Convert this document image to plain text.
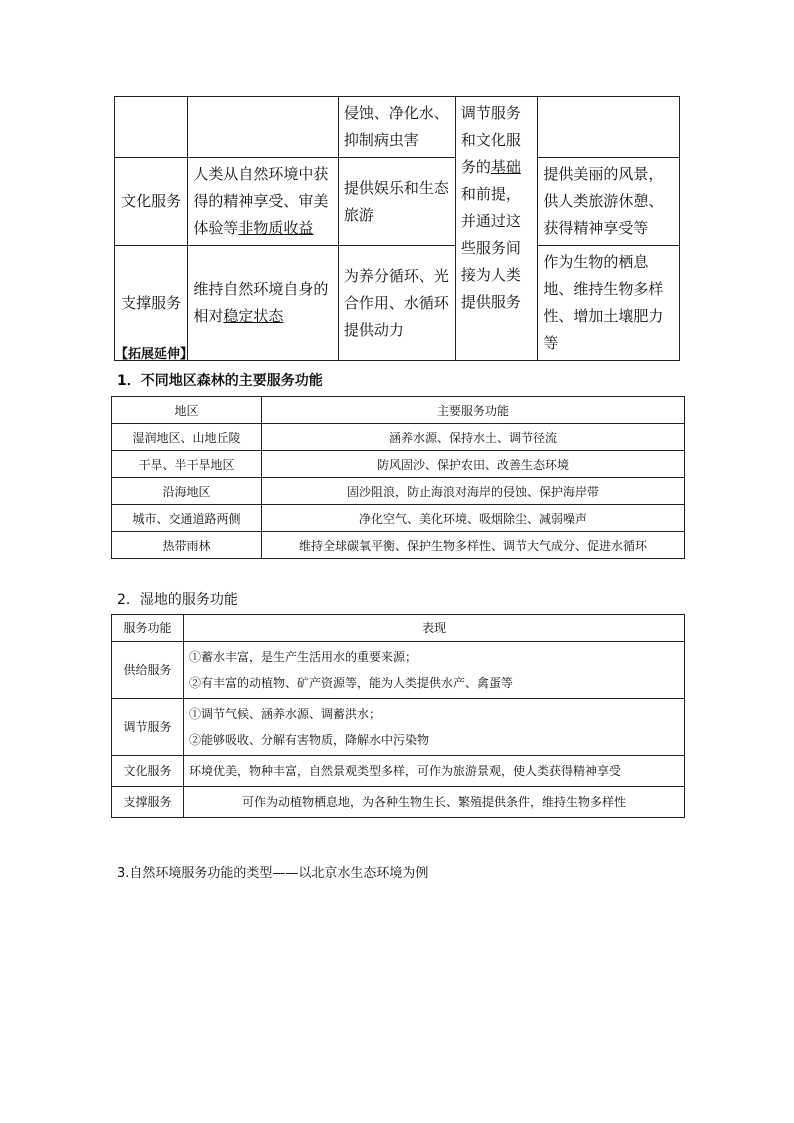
		侵蚀、净化水、抑制病虫害	调节服务和文化服务的基础和前提，并通过这些服务间接为人类提供服务	
文化服务	人类从自然环境中获得的精神享受、审美体验等非物质收益	提供娱乐和生态旅游		提供美丽的风景，供人类旅游休憩、获得精神享受等
支撑服务	维持自然环境自身的相对稳定状态	为养分循环、光合作用、水循环提供动力		作为生物的栖息地、维持生物多样性、增加土壤肥力等
【拓展延伸】
1．不同地区森林的主要服务功能
地区	主要服务功能
湿润地区、山地丘陵	涵养水源、保持水土、调节径流
干旱、半干旱地区	防风固沙、保护农田、改善生态环境
沿海地区	固沙阻浪，防止海浪对海岸的侵蚀、保护海岸带
城市、交通道路两侧	净化空气、美化环境、吸烟除尘、减弱噪声
热带雨林	维持全球碳氧平衡、保护生物多样性、调节大气成分、促进水循环
2．湿地的服务功能
服务功能	表现
供给服务	①蓄水丰富，是生产生活用水的重要来源；
②有丰富的动植物、矿产资源等，能为人类提供水产、禽蛋等

调节服务	①调节气候、涵养水源、调蓄洪水；
②能够吸收、分解有害物质，降解水中污染物

文化服务	环境优美，物种丰富，自然景观类型多样，可作为旅游景观，使人类获得精神享受

支撑服务	可作为动植物栖息地，为各种生物生长、繁殖提供条件，维持生物多样性
3.自然环境服务功能的类型——以北京水生态环境为例
